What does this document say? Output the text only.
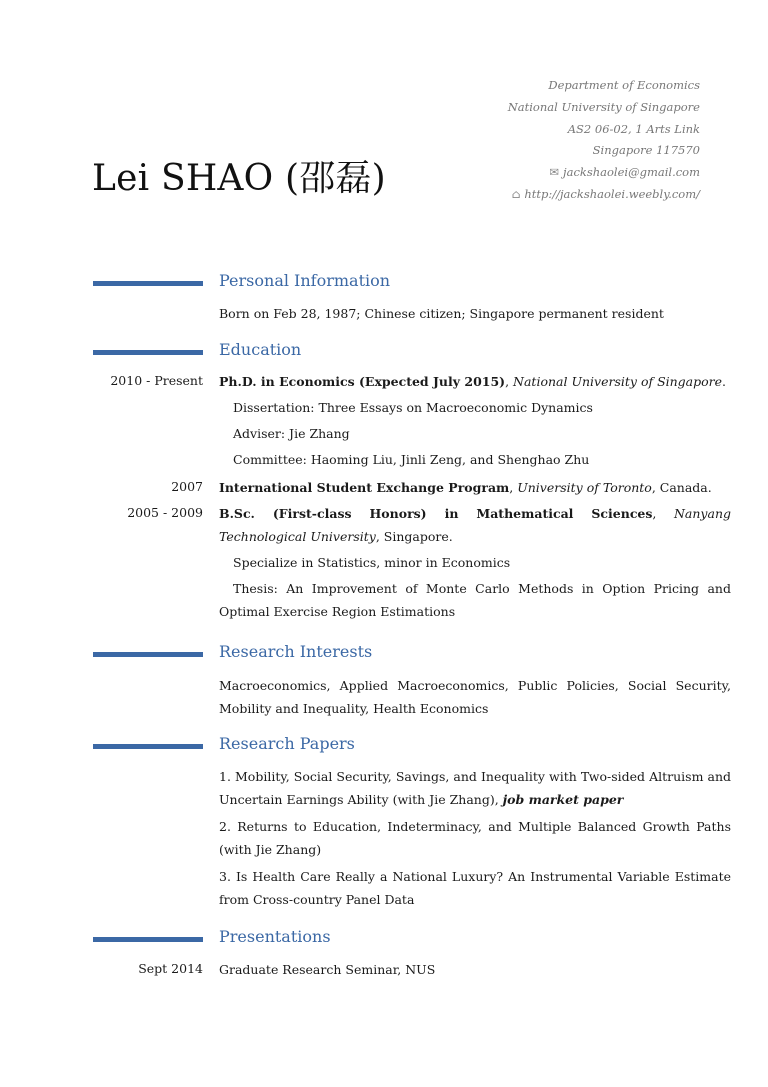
Lei SHAO (邵磊)
Department of Economics
National University of Singapore
AS2 06-02, 1 Arts Link
Singapore 117570
✉ jackshaolei@gmail.com
⌂ http://jackshaolei.weebly.com/
Personal Information
Born on Feb 28, 1987; Chinese citizen; Singapore permanent resident
Education
2010 - Present Ph.D. in Economics (Expected July 2015), National University of Singapore.
Dissertation: Three Essays on Macroeconomic Dynamics
Adviser: Jie Zhang
Committee: Haoming Liu, Jinli Zeng, and Shenghao Zhu
2007 International Student Exchange Program, University of Toronto, Canada.
2005 - 2009 B.Sc. (First-class Honors) in Mathematical Sciences, Nanyang Technological University, Singapore.
Specialize in Statistics, minor in Economics
Thesis: An Improvement of Monte Carlo Methods in Option Pricing and Optimal Exercise Region Estimations
Research Interests
Macroeconomics, Applied Macroeconomics, Public Policies, Social Security, Mobility and Inequality, Health Economics
Research Papers
1. Mobility, Social Security, Savings, and Inequality with Two-sided Altruism and Uncertain Earnings Ability (with Jie Zhang), job market paper
2. Returns to Education, Indeterminacy, and Multiple Balanced Growth Paths (with Jie Zhang)
3. Is Health Care Really a National Luxury? An Instrumental Variable Estimate from Cross-country Panel Data
Presentations
Sept 2014 Graduate Research Seminar, NUS
